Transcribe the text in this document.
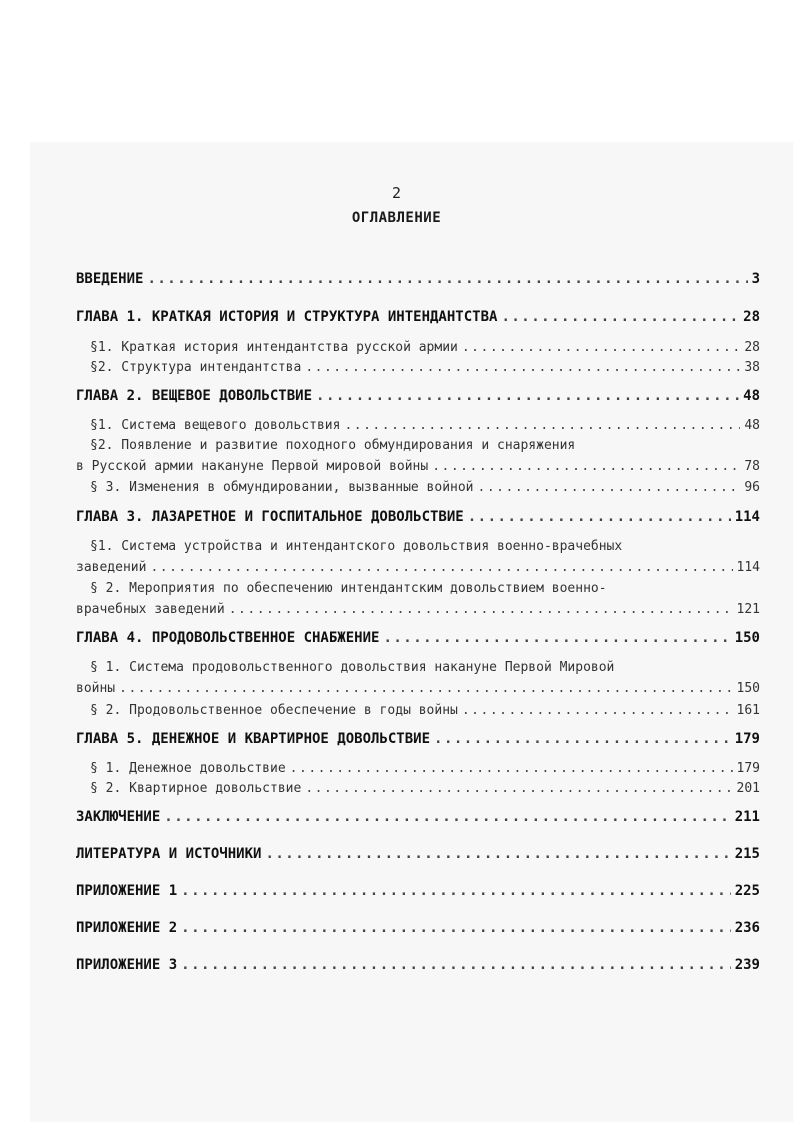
2
ОГЛАВЛЕНИЕ
ВВЕДЕНИЕ .....	3
ГЛАВА 1. КРАТКАЯ ИСТОРИЯ И СТРУКТУРА ИНТЕНДАНТСТВА .....	28
§1. Краткая история интендантства русской армии .....	28
§2. Структура интендантства .....	38
ГЛАВА 2. ВЕЩЕВОЕ ДОВОЛЬСТВИЕ .....	48
§1. Система вещевого довольствия .....	48
§2. Появление и развитие походного обмундирования и снаряжения
в Русской армии накануне Первой мировой войны .....	78
§ 3. Изменения в обмундировании, вызванные войной .....	96
ГЛАВА 3. ЛАЗАРЕТНОЕ И ГОСПИТАЛЬНОЕ ДОВОЛЬСТВИЕ .....	114
§1. Система устройства и интендантского довольствия военно-врачебных
заведений .....	114
§ 2. Мероприятия по обеспечению интендантским довольствием военно-
врачебных заведений .....	121
ГЛАВА 4. ПРОДОВОЛЬСТВЕННОЕ СНАБЖЕНИЕ .....	150
§ 1. Система продовольственного довольствия накануне Первой Мировой
войны .....	150
§ 2. Продовольственное обеспечение в годы войны .....	161
ГЛАВА 5. ДЕНЕЖНОЕ И КВАРТИРНОЕ ДОВОЛЬСТВИЕ .....	179
§ 1. Денежное довольствие .....	179
§ 2. Квартирное довольствие .....	201
ЗАКЛЮЧЕНИЕ .....	211
ЛИТЕРАТУРА И ИСТОЧНИКИ .....	215
ПРИЛОЖЕНИЕ 1 .....	225
ПРИЛОЖЕНИЕ 2 .....	236
ПРИЛОЖЕНИЕ 3 .....	239
